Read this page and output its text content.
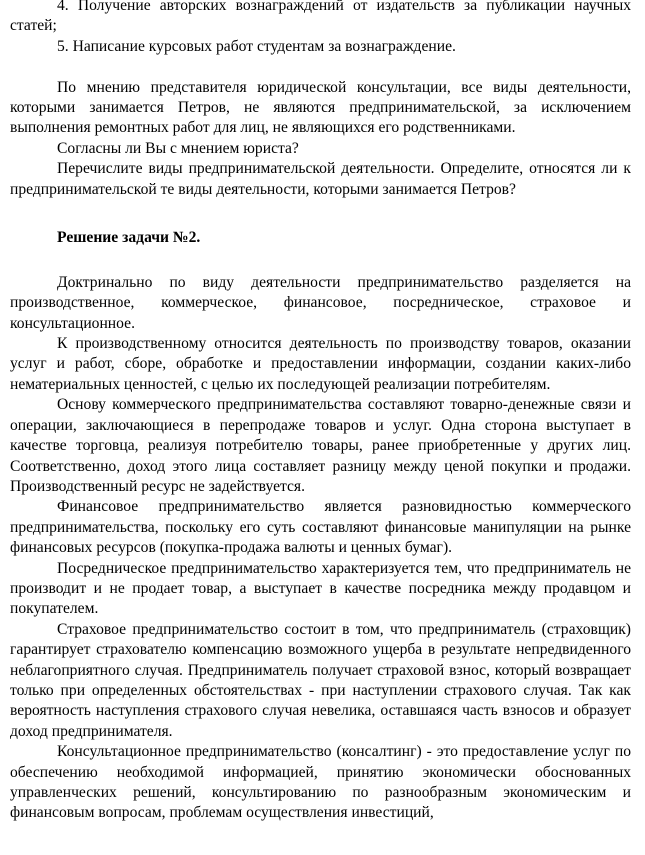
4. Получение авторских вознаграждений от издательств за публикации научных статей;

5. Написание курсовых работ студентам за вознаграждение.

По мнению представителя юридической консультации, все виды деятельности, которыми занимается Петров, не являются предпринимательской, за исключением выполнения ремонтных работ для лиц, не являющихся его родственниками.

Согласны ли Вы с мнением юриста?

Перечислите виды предпринимательской деятельности. Определите, относятся ли к предпринимательской те виды деятельности, которыми занимается Петров?

Решение задачи №2.

Доктринально по виду деятельности предпринимательство разделяется на производственное, коммерческое, финансовое, посредническое, страховое и консультационное.

К производственному относится деятельность по производству товаров, оказании услуг и работ, сборе, обработке и предоставлении информации, создании каких-либо нематериальных ценностей, с целью их последующей реализации потребителям.

Основу коммерческого предпринимательства составляют товарно-денежные связи и операции, заключающиеся в перепродаже товаров и услуг. Одна сторона выступает в качестве торговца, реализуя потребителю товары, ранее приобретенные у других лиц. Соответственно, доход этого лица составляет разницу между ценой покупки и продажи. Производственный ресурс не задействуется.

Финансовое предпринимательство является разновидностью коммерческого предпринимательства, поскольку его суть составляют финансовые манипуляции на рынке финансовых ресурсов (покупка-продажа валюты и ценных бумаг).

Посредническое предпринимательство характеризуется тем, что предприниматель не производит и не продает товар, а выступает в качестве посредника между продавцом и покупателем.

Страховое предпринимательство состоит в том, что предприниматель (страховщик) гарантирует страхователю компенсацию возможного ущерба в результате непредвиденного неблагоприятного случая. Предприниматель получает страховой взнос, который возвращает только при определенных обстоятельствах - при наступлении страхового случая. Так как вероятность наступления страхового случая невелика, оставшаяся часть взносов и образует доход предпринимателя.

Консультационное предпринимательство (консалтинг) - это предоставление услуг по обеспечению необходимой информацией, принятию экономически обоснованных управленческих решений, консультированию по разнообразным экономическим и финансовым вопросам, проблемам осуществления инвестиций,
